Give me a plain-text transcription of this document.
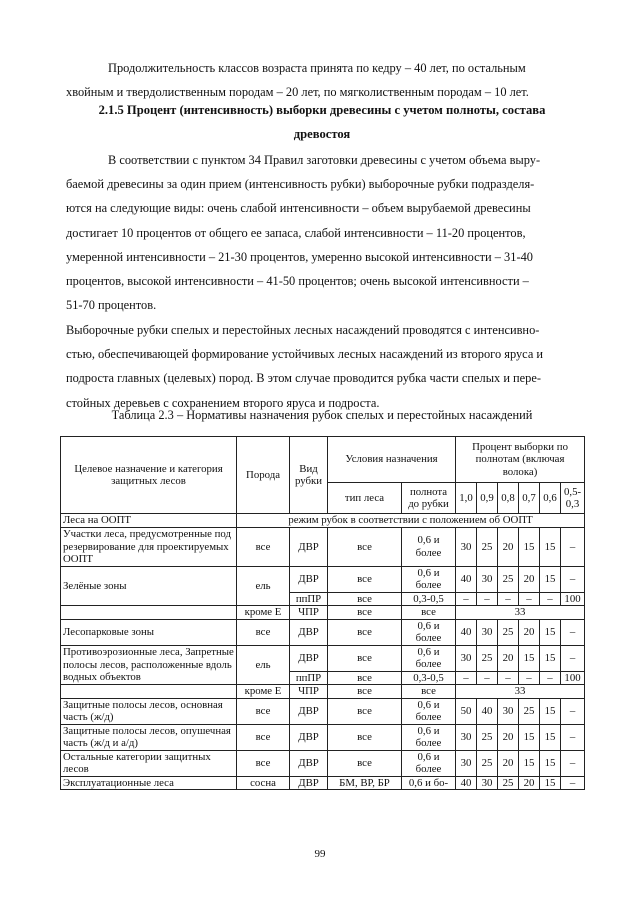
Продолжительность классов возраста принята по кедру – 40 лет, по остальным
хвойным и твердолиственным породам – 20 лет, по мягколиственным породам – 10 лет.
2.1.5 Процент (интенсивность) выборки древесины с учетом полноты, состава
древостоя
В соответствии с пунктом 34 Правил заготовки древесины с учетом объема выру-
баемой древесины за один прием (интенсивность рубки) выборочные рубки подразделя-
ются на следующие виды: очень слабой интенсивности – объем вырубаемой древесины
достигает 10 процентов от общего ее запаса, слабой интенсивности – 11-20 процентов,
умеренной интенсивности – 21-30 процентов, умеренно высокой интенсивности – 31-40
процентов, высокой интенсивности – 41-50 процентов; очень высокой интенсивности –
51-70 процентов.
Выборочные рубки спелых и перестойных лесных насаждений проводятся с интенсивно-
стью, обеспечивающей формирование устойчивых лесных насаждений из второго яруса и
подроста главных (целевых) пород. В этом случае проводится рубка части спелых и пере-
стойных деревьев с сохранением второго яруса и подроста.
Таблица 2.3 – Нормативы назначения рубок спелых и перестойных насаждений
Целевое назначение и категория защитных лесов	Порода	Вид рубки	Условия назначения		Процент выборки по полнотам (включая волока)					
			тип леса	полнота до рубки	1,0	0,9	0,8	0,7	0,6	0,5-0,3
Леса на ООПТ	режим рубок в соответствии с положением об ООПТ									
Участки леса, предусмотренные под резервирование для проектируемых ООПТ	все	ДВР	все	0,6 и более	30	25	20	15	15	–
Зелёные зоны	ель	ДВР	все	0,6 и более	40	30	25	20	15	–
		ппПР	все	0,3-0,5	–	–	–	–	–	100
	кроме Е	ЧПР	все	все	33					
Лесопарковые зоны	все	ДВР	все	0,6 и более	40	30	25	20	15	–
Противоэрозионные леса, Запретные полосы лесов, расположенные вдоль водных объектов	ель	ДВР	все	0,6 и более	30	25	20	15	15	–
		ппПР	все	0,3-0,5	–	–	–	–	–	100
	кроме Е	ЧПР	все	все	33					
Защитные полосы лесов, основная часть (ж/д)	все	ДВР	все	0,6 и более	50	40	30	25	15	–
Защитные полосы лесов, опушечная часть (ж/д и а/д)	все	ДВР	все	0,6 и более	30	25	20	15	15	–
Остальные категории защитных лесов	все	ДВР	все	0,6 и более	30	25	20	15	15	–
Эксплуатационные леса	сосна	ДВР	БМ, ВР, БР	0,6 и бо-	40	30	25	20	15	–
99
